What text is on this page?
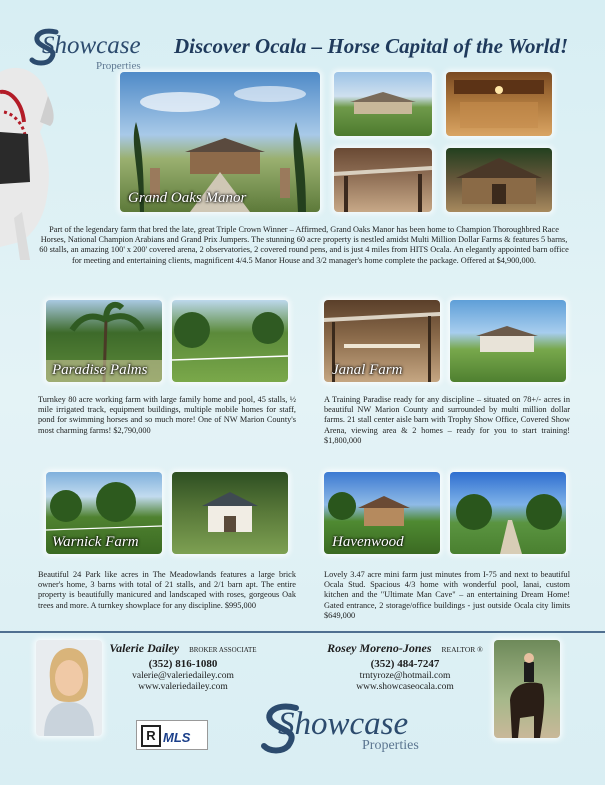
Showcase
Properties
Discover Ocala – Horse Capital of the World!
Grand Oaks Manor
Part of the legendary farm that bred the late, great Triple Crown Winner – Affirmed, Grand Oaks Manor has been home to Champion Thoroughbred Race Horses, National Champion Arabians and Grand Prix Jumpers. The stunning 60 acre property is nestled amidst Multi Million Dollar Farms & features 5 barns, 60 stalls, an amazing 100' x 200' covered arena, 2 observatories, 2 covered round pens, and is just 4 miles from HITS Ocala. An elegantly appointed barn office for meeting and entertaining clients, magnificent 4/4.5 Manor House and 3/2 manager's home complete the package. Offered at $4,900,000.
Paradise Palms
Turnkey 80 acre working farm with large family home and pool, 45 stalls, ½ mile irrigated track, equipment buildings, multiple mobile homes for staff, pond for swimming horses and so much more! One of NW Marion County's most charming farms! $2,790,000
Janal Farm
A Training Paradise ready for any discipline – situated on 78+/- acres in beautiful NW Marion County and surrounded by multi million dollar farms. 21 stall center aisle barn with Trophy Show Office, Covered Show Arena, viewing area & 2 homes – ready for you to start training! $1,800,000
Warnick Farm
Beautiful 24 Park like acres in The Meadowlands features a large brick owner's home, 3 barns with total of 21 stalls, and 2/1 barn apt. The entire property is beautifully manicured and landscaped with roses, gorgeous Oak trees and more. A turnkey showplace for any discipline. $995,000
Havenwood
Lovely 3.47 acre mini farm just minutes from I-75 and next to beautiful Ocala Stud. Spacious 4/3 home with wonderful pool, lanai, custom kitchen and the "Ultimate Man Cave" – an entertaining Dream Home! Gated entrance, 2 storage/office buildings - just outside Ocala city limits $649,000
Valerie Dailey BROKER ASSOCIATE
(352) 816-1080
valerie@valeriedailey.com
www.valeriedailey.com
Rosey Moreno-Jones REALTOR ®
(352) 484-7247
trntyroze@hotmail.com
www.showcaseocala.com
R MLS	Showcase
Properties
